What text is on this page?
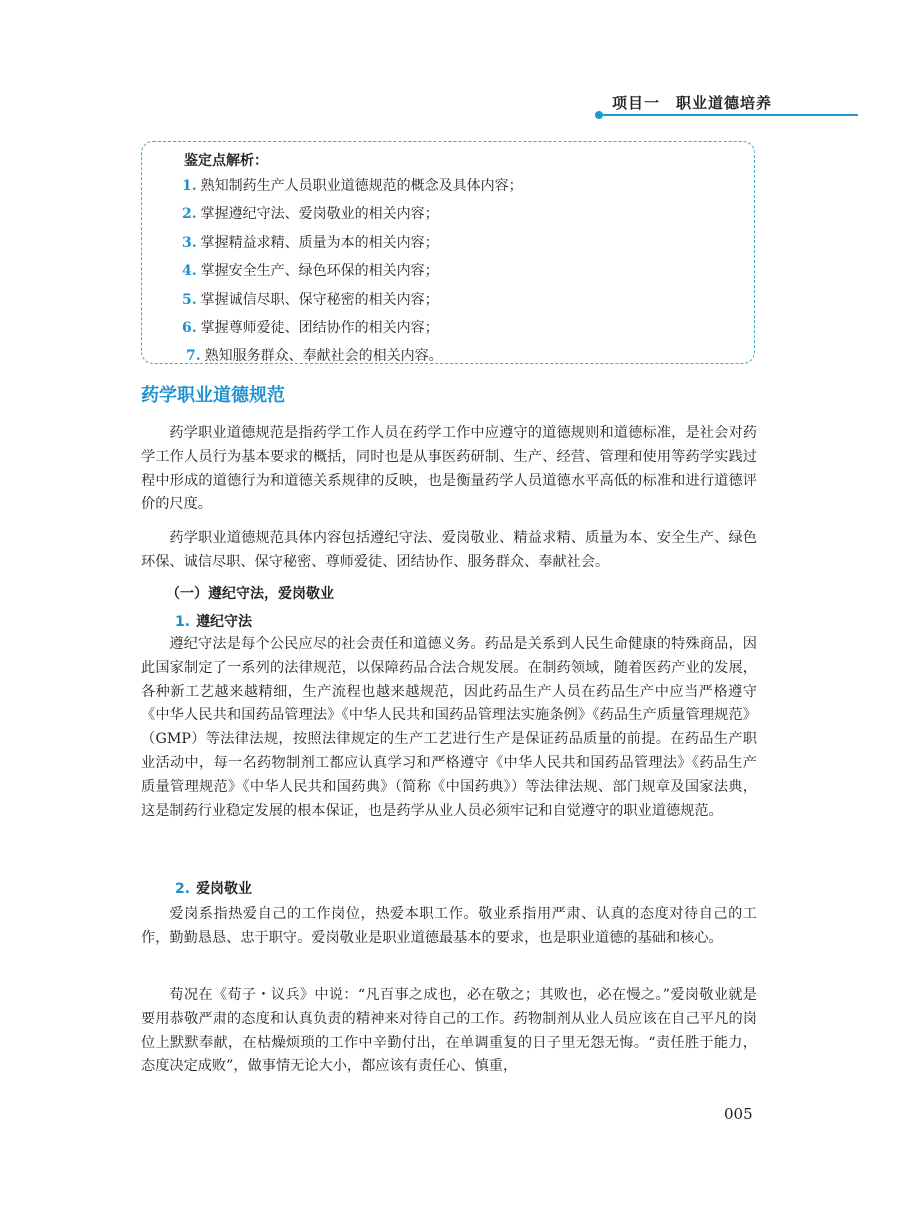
项目一　职业道德培养
鉴定点解析：
1. 熟知制药生产人员职业道德规范的概念及具体内容；
2. 掌握遵纪守法、爱岗敬业的相关内容；
3. 掌握精益求精、质量为本的相关内容；
4. 掌握安全生产、绿色环保的相关内容；
5. 掌握诚信尽职、保守秘密的相关内容；
6. 掌握尊师爱徒、团结协作的相关内容；
7. 熟知服务群众、奉献社会的相关内容。
药学职业道德规范

药学职业道德规范是指药学工作人员在药学工作中应遵守的道德规则和道德标准，是社会对药学工作人员行为基本要求的概括，同时也是从事医药研制、生产、经营、管理和使用等药学实践过程中形成的道德行为和道德关系规律的反映，也是衡量药学人员道德水平高低的标准和进行道德评价的尺度。

药学职业道德规范具体内容包括遵纪守法、爱岗敬业、精益求精、质量为本、安全生产、绿色环保、诚信尽职、保守秘密、尊师爱徒、团结协作、服务群众、奉献社会。

（一）遵纪守法，爱岗敬业

1. 遵纪守法

遵纪守法是每个公民应尽的社会责任和道德义务。药品是关系到人民生命健康的特殊商品，因此国家制定了一系列的法律规范，以保障药品合法合规发展。在制药领域，随着医药产业的发展，各种新工艺越来越精细，生产流程也越来越规范，因此药品生产人员在药品生产中应当严格遵守《中华人民共和国药品管理法》《中华人民共和国药品管理法实施条例》《药品生产质量管理规范》（GMP）等法律法规，按照法律规定的生产工艺进行生产是保证药品质量的前提。在药品生产职业活动中，每一名药物制剂工都应认真学习和严格遵守《中华人民共和国药品管理法》《药品生产质量管理规范》《中华人民共和国药典》（简称《中国药典》）等法律法规、部门规章及国家法典，这是制药行业稳定发展的根本保证，也是药学从业人员必须牢记和自觉遵守的职业道德规范。

2. 爱岗敬业

爱岗系指热爱自己的工作岗位，热爱本职工作。敬业系指用严肃、认真的态度对待自己的工作，勤勤恳恳、忠于职守。爱岗敬业是职业道德最基本的要求，也是职业道德的基础和核心。

荀况在《荀子・议兵》中说：“凡百事之成也，必在敬之；其败也，必在慢之。”爱岗敬业就是要用恭敬严肃的态度和认真负责的精神来对待自己的工作。药物制剂从业人员应该在自己平凡的岗位上默默奉献，在枯燥烦琐的工作中辛勤付出，在单调重复的日子里无怨无悔。“责任胜于能力，态度决定成败”，做事情无论大小，都应该有责任心、慎重，

005
